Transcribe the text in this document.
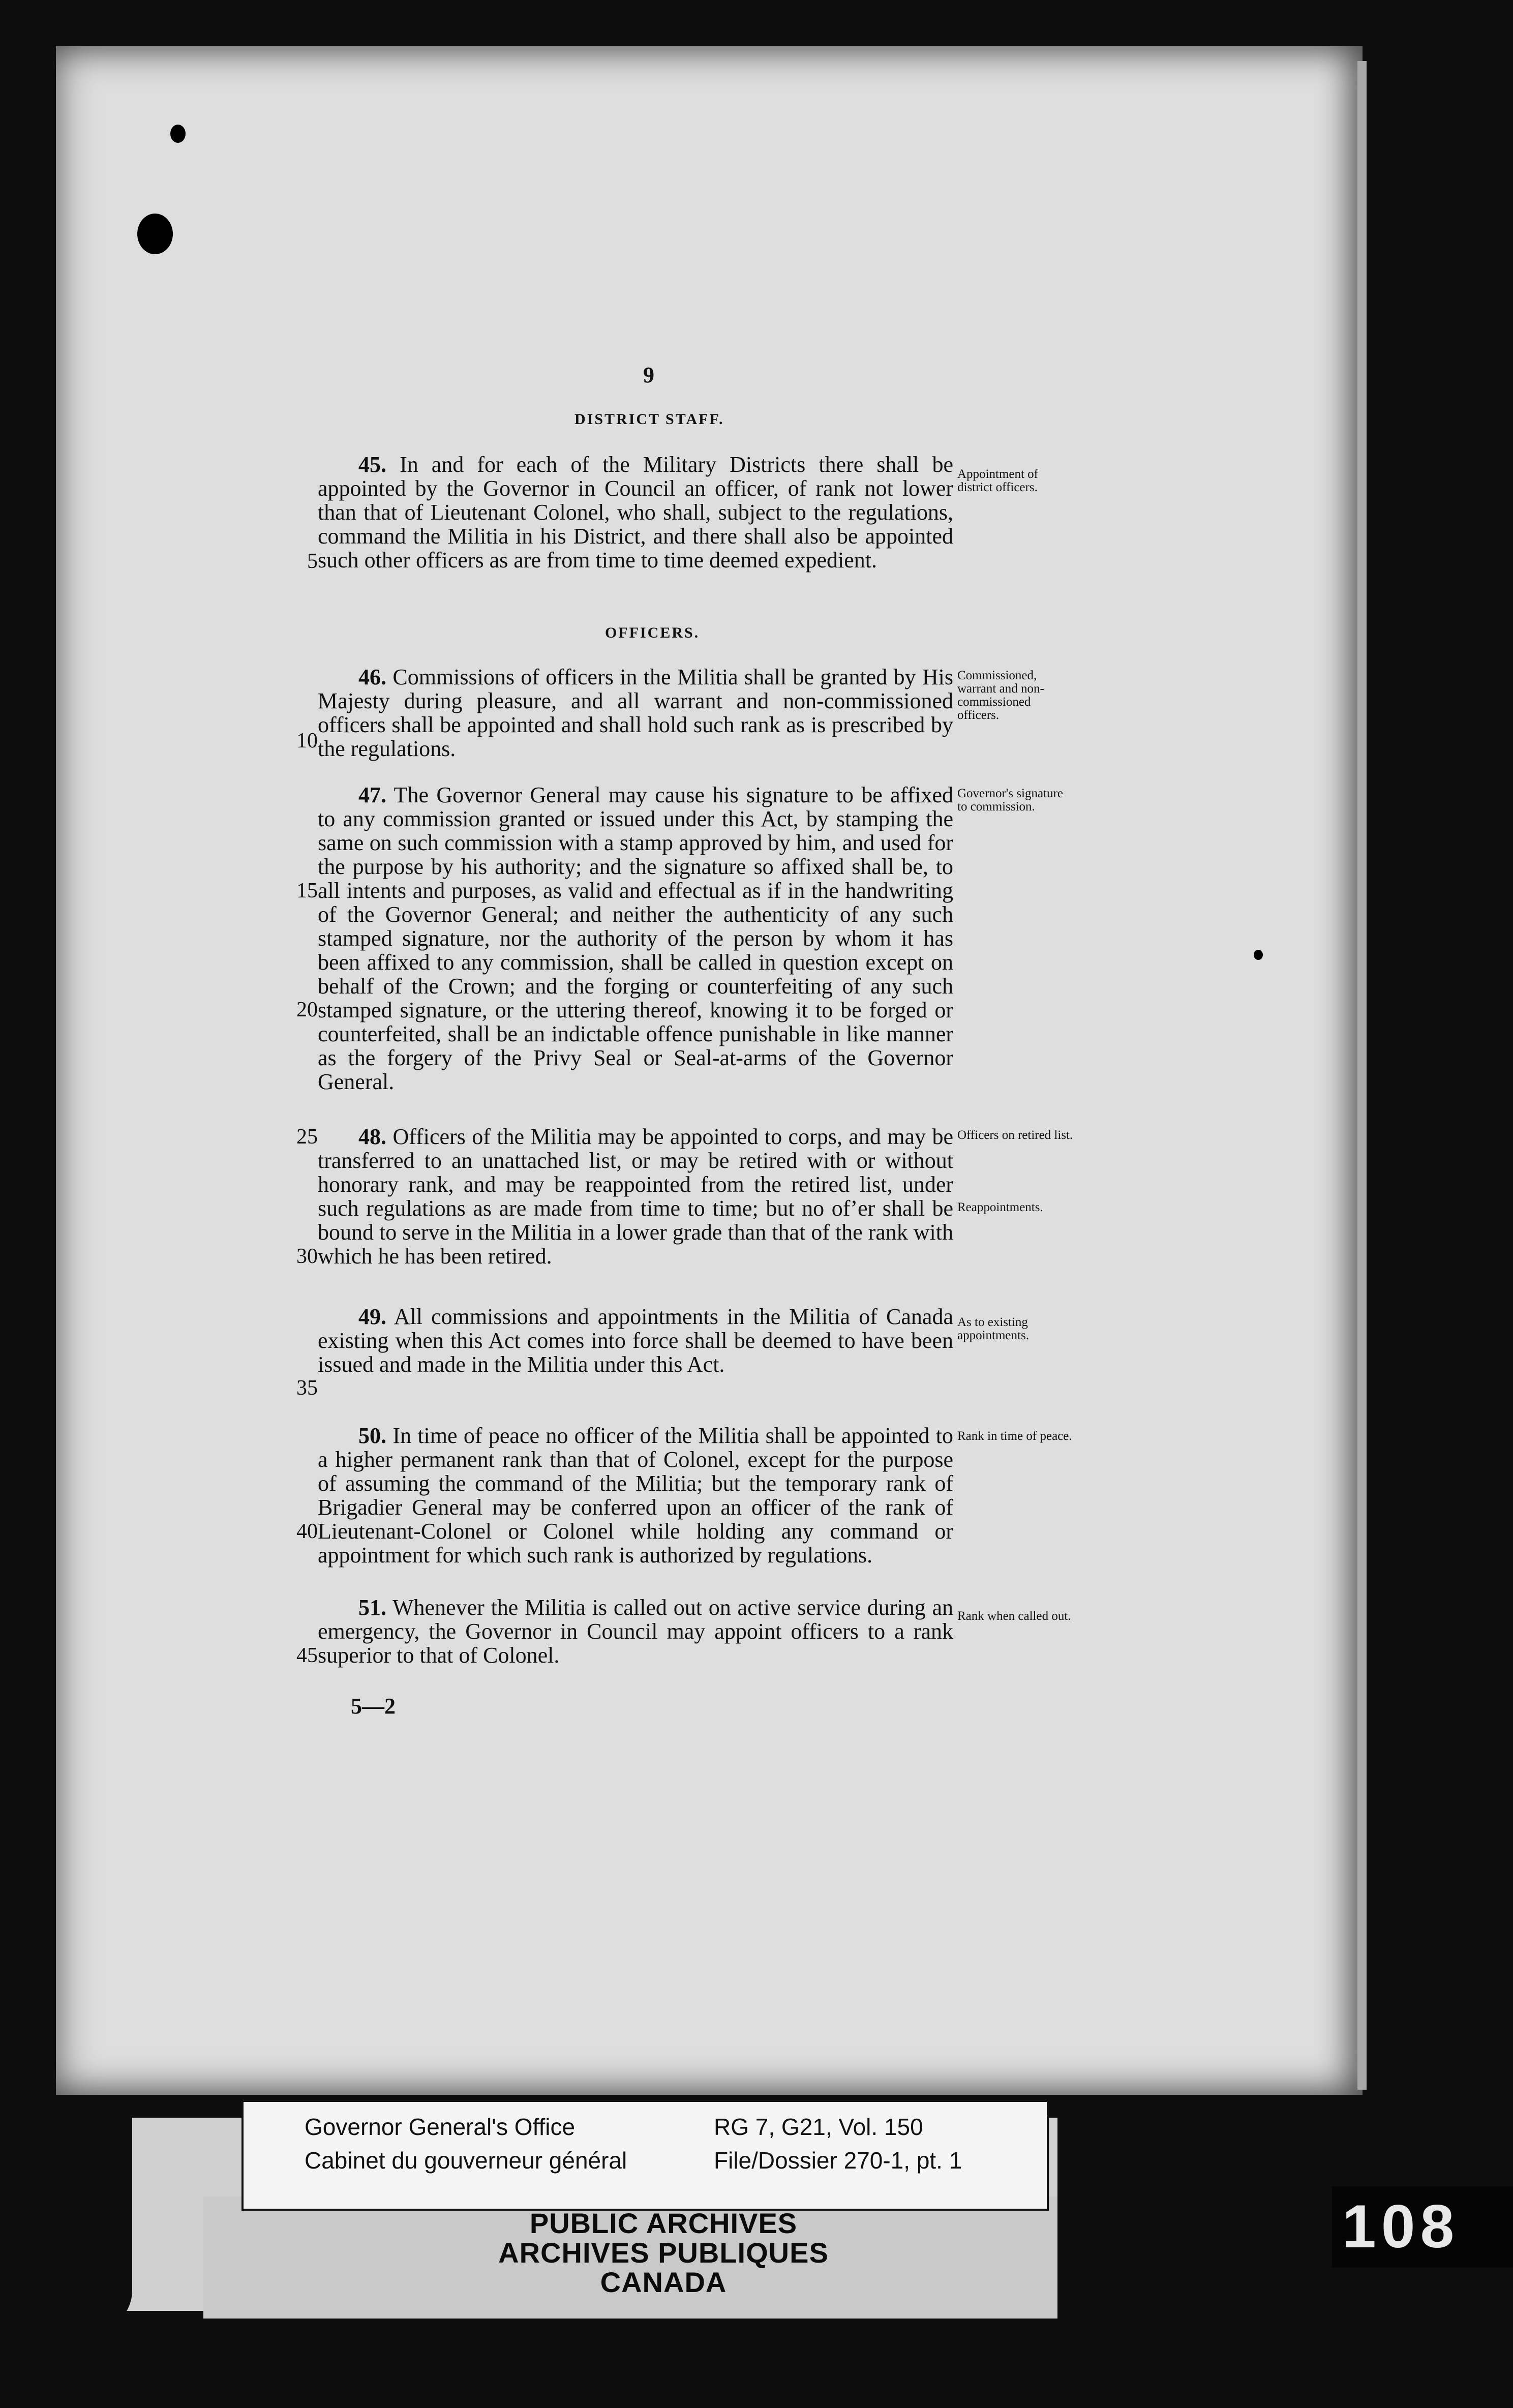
9
DISTRICT STAFF.
OFFICERS.
45. In and for each of the Military Districts there shall be appointed by the Governor in Council an officer, of rank not lower than that of Lieutenant Colonel, who shall, subject to the regulations, command the Militia in his District, and there shall also be appointed such other officers as are from time to time deemed expedient.
46. Commissions of officers in the Militia shall be granted by His Majesty during pleasure, and all warrant and non-commissioned officers shall be appointed and shall hold such rank as is prescribed by the regulations.
47. The Governor General may cause his signature to be affixed to any commission granted or issued under this Act, by stamping the same on such commission with a stamp approved by him, and used for the purpose by his authority; and the signature so affixed shall be, to all intents and purposes, as valid and effectual as if in the handwriting of the Governor General; and neither the authenticity of any such stamped signature, nor the authority of the person by whom it has been affixed to any commission, shall be called in question except on behalf of the Crown; and the forging or counterfeiting of any such stamped signature, or the uttering thereof, knowing it to be forged or counterfeited, shall be an indictable offence punishable in like manner as the forgery of the Privy Seal or Seal-at-arms of the Governor General.
48. Officers of the Militia may be appointed to corps, and may be transferred to an unattached list, or may be retired with or without honorary rank, and may be reappointed from the retired list, under such regulations as are made from time to time; but no ofʼer shall be bound to serve in the Militia in a lower grade than that of the rank with which he has been retired.
49. All commissions and appointments in the Militia of Canada existing when this Act comes into force shall be deemed to have been issued and made in the Militia under this Act.
50. In time of peace no officer of the Militia shall be appointed to a higher permanent rank than that of Colonel, except for the purpose of assuming the command of the Militia; but the temporary rank of Brigadier General may be conferred upon an officer of the rank of Lieutenant-Colonel or Colonel while holding any command or appointment for which such rank is authorized by regulations.
51. Whenever the Militia is called out on active service during an emergency, the Governor in Council may appoint officers to a rank superior to that of Colonel.
5
10
15
20
25
30
35
40
45
Appointment of district officers.
Commissioned, warrant and non-commissioned officers.
Governor's signature to commission.
Officers on retired list.
Reappointments.
As to existing appointments.
Rank in time of peace.
Rank when called out.
5—2
Governor General's Office
Cabinet du gouverneur général
RG 7, G21, Vol. 150
File/Dossier 270-1, pt. 1
PUBLIC ARCHIVES
ARCHIVES PUBLIQUES
CANADA
108
